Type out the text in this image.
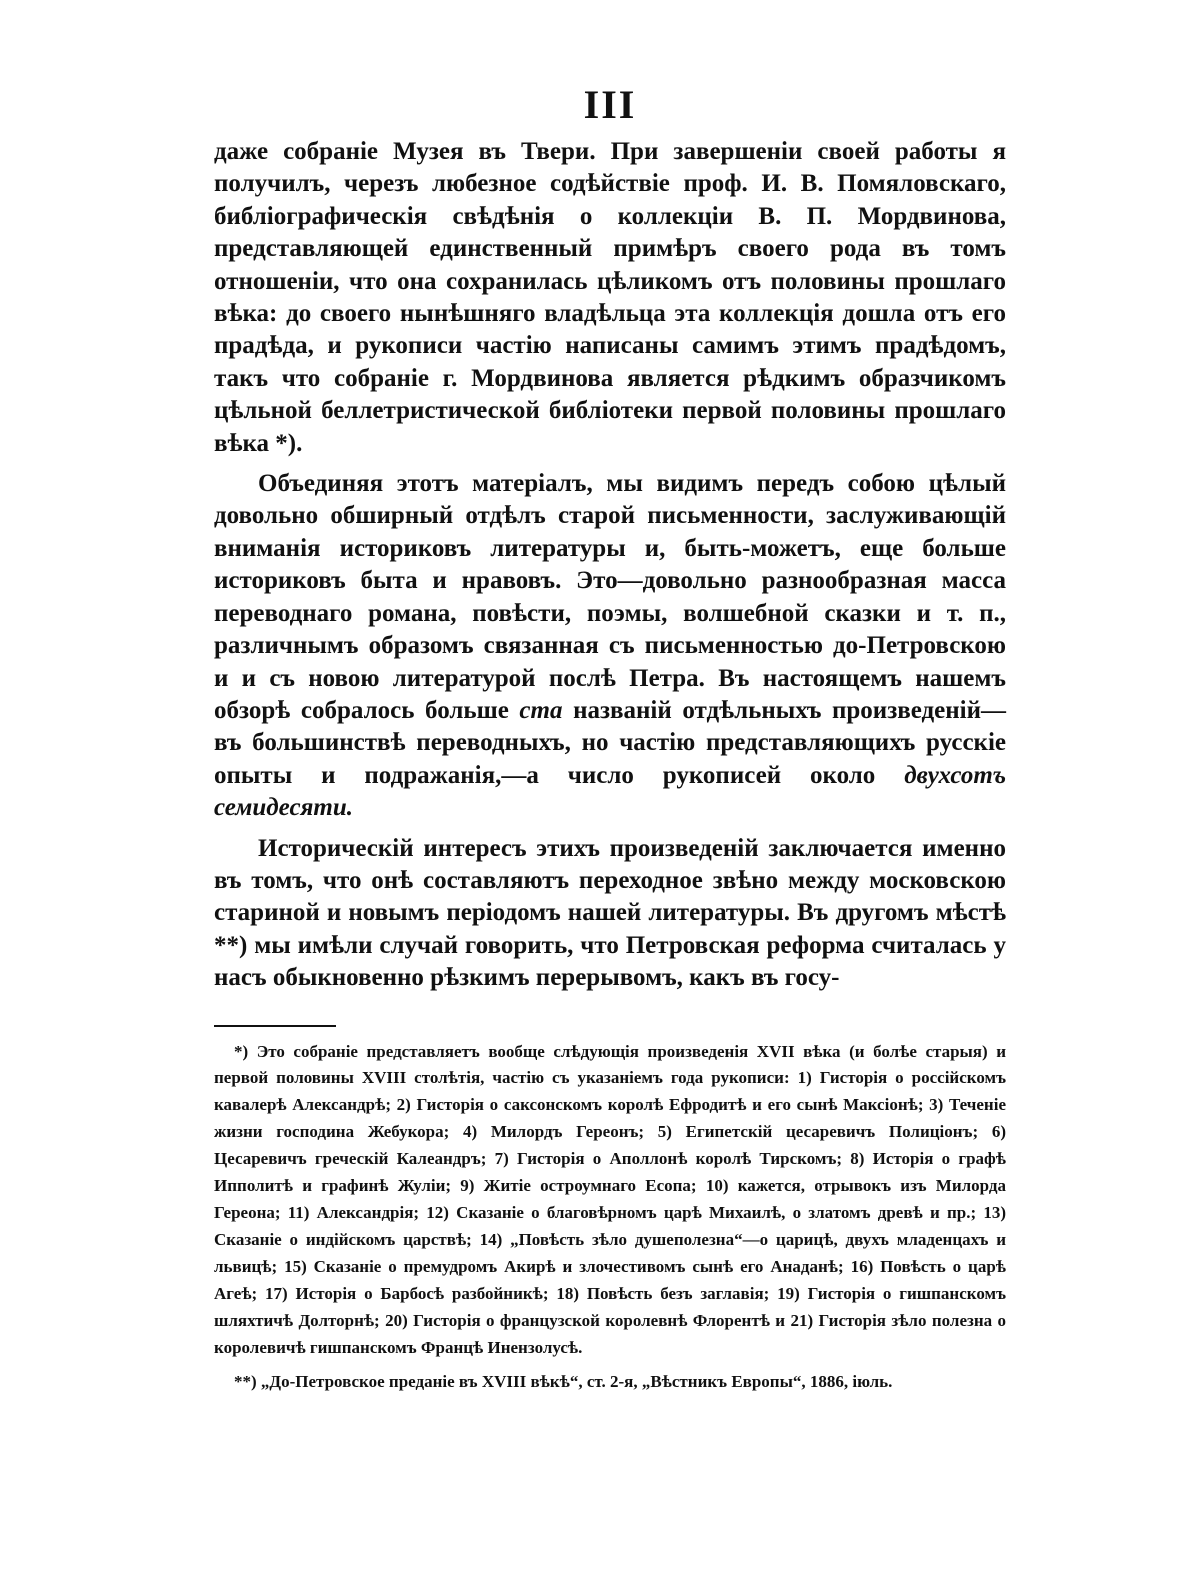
III

даже собраніе Музея въ Твери. При завершеніи своей работы я получилъ, черезъ любезное содѣйствіе проф. И. В. Помяловскаго, библіографическія свѣдѣнія о коллекціи В. П. Мордвинова, представляющей единственный примѣръ своего рода въ томъ отношеніи, что она сохранилась цѣликомъ отъ половины прошлаго вѣка: до своего нынѣшняго владѣльца эта коллекція дошла отъ его прадѣда, и рукописи частію написаны самимъ этимъ прадѣдомъ, такъ что собраніе г. Мордвинова является рѣдкимъ образчикомъ цѣльной беллетристической библіотеки первой половины прошлаго вѣка *).

Объединяя этотъ матеріалъ, мы видимъ передъ собою цѣлый довольно обширный отдѣлъ старой письменности, заслуживающій вниманія историковъ литературы и, быть-можетъ, еще больше историковъ быта и нравовъ. Это—довольно разнообразная масса переводнаго романа, повѣсти, поэмы, волшебной сказки и т. п., различнымъ образомъ связанная съ письменностью до-Петровскою и и съ новою литературой послѣ Петра. Въ настоящемъ нашемъ обзорѣ собралось больше ста названій отдѣльныхъ произведеній—въ большинствѣ переводныхъ, но частію представляющихъ русскіе опыты и подражанія,—а число рукописей около двухсотъ семидесяти.

Историческій интересъ этихъ произведеній заключается именно въ томъ, что онѣ составляютъ переходное звѣно между московскою стариной и новымъ періодомъ нашей литературы. Въ другомъ мѣстѣ **) мы имѣли случай говорить, что Петровская реформа считалась у насъ обыкновенно рѣзкимъ перерывомъ, какъ въ госу-

*) Это собраніе представляетъ вообще слѣдующія произведенія XVII вѣка (и болѣе старыя) и первой половины XVIII столѣтія, частію съ указаніемъ года рукописи: 1) Гисторія о россійскомъ кавалерѣ Александрѣ; 2) Гисторія о саксонскомъ королѣ Ефродитѣ и его сынѣ Максіонѣ; 3) Теченіе жизни господина Жебукора; 4) Милордъ Гереонъ; 5) Египетскій цесаревичъ Полиціонъ; 6) Цесаревичъ греческій Калеандръ; 7) Гисторія о Аполлонѣ королѣ Тирскомъ; 8) Исторія о графѣ Ипполитѣ и графинѣ Жуліи; 9) Житіе остроумнаго Есопа; 10) кажется, отрывокъ изъ Милорда Гереона; 11) Александрія; 12) Сказаніе о благовѣрномъ царѣ Михаилѣ, о златомъ древѣ и пр.; 13) Сказаніе о индійскомъ царствѣ; 14) „Повѣсть зѣло душеполезна“—о царицѣ, двухъ младенцахъ и львицѣ; 15) Сказаніе о премудромъ Акирѣ и злочестивомъ сынѣ его Анаданѣ; 16) Повѣсть о царѣ Агеѣ; 17) Исторія о Барбосѣ разбойникѣ; 18) Повѣсть безъ заглавія; 19) Гисторія о гишпанскомъ шляхтичѣ Долторнѣ; 20) Гисторія о французской королевнѣ Флорентѣ и 21) Гисторія зѣло полезна о королевичѣ гишпанскомъ Францѣ Инензолусѣ.

**) „До-Петровское преданіе въ XVIII вѣкѣ“, ст. 2-я, „Вѣстникъ Европы“, 1886, іюль.
